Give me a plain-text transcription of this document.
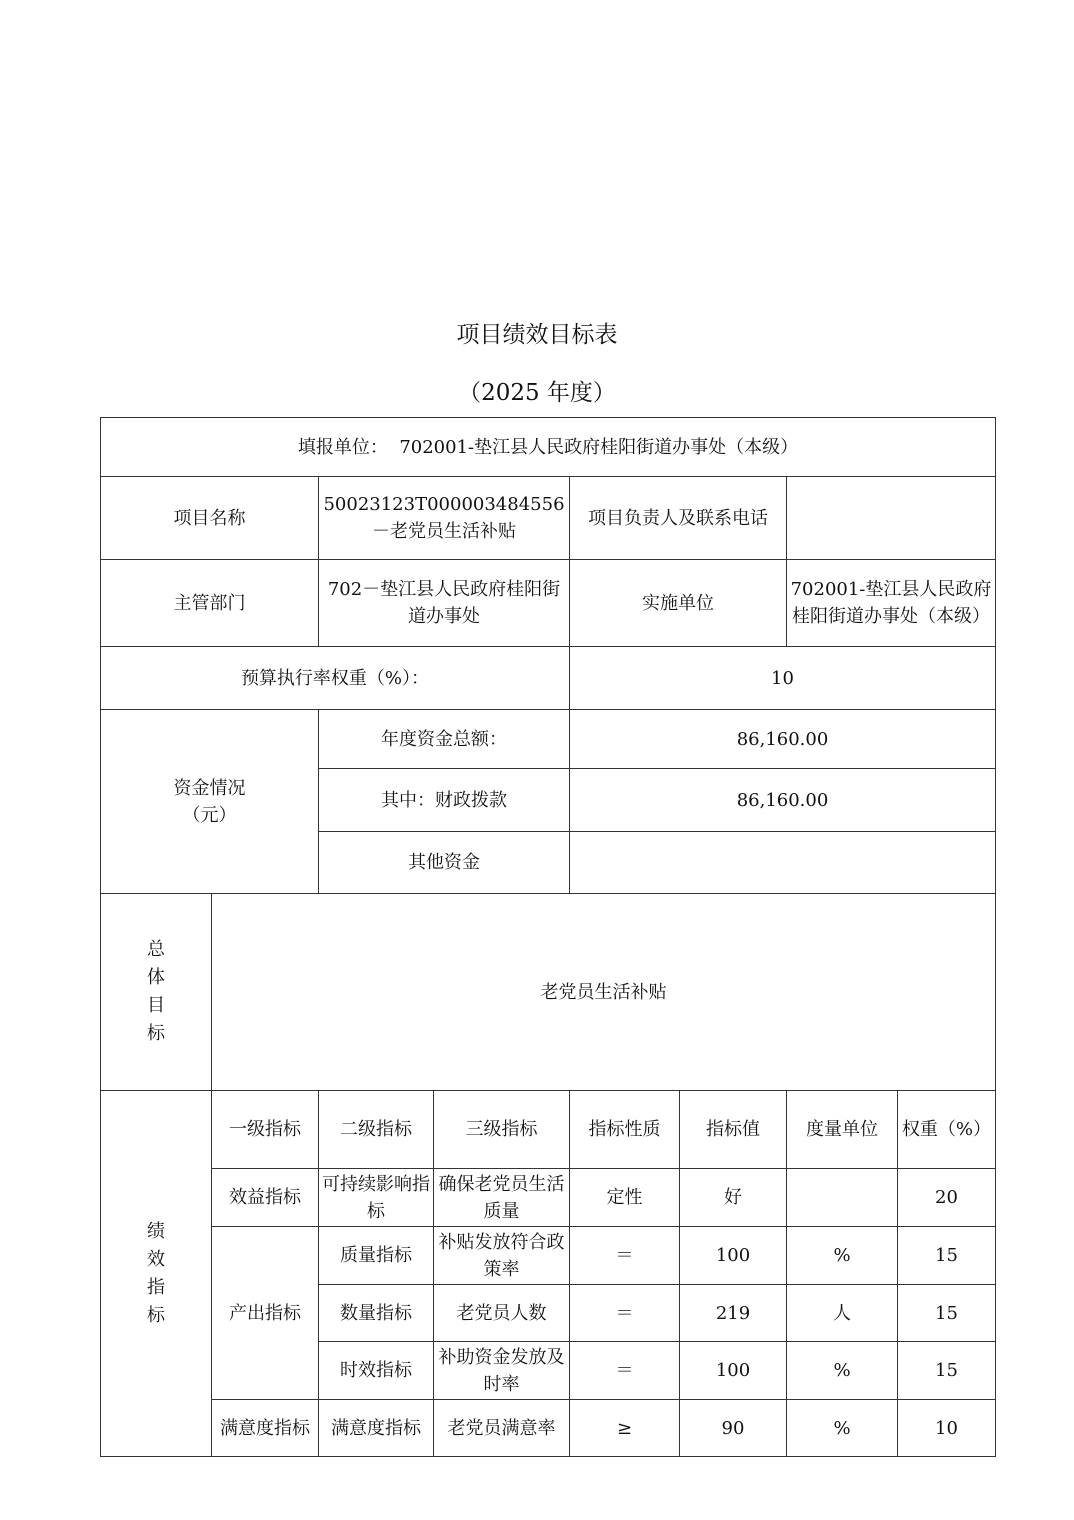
项目绩效目标表
（2025 年度）
填报单位： 702001-垫江县人民政府桂阳街道办事处（本级）							
项目名称		50023123T000003484556－老党员生活补贴		项目负责人及联系电话			
主管部门		702－垫江县人民政府桂阳街道办事处		实施单位		702001-垫江县人民政府桂阳街道办事处（本级）	
预算执行率权重（%）：				10			

资金情况（元）		年度资金总额：		86,160.00			
		其中：财政拨款		86,160.00			
		其他资金					
总体目标	老党员生活补贴						
绩效指标	一级指标	二级指标	三级指标	指标性质	指标值	度量单位	权重（%）
	效益指标	可持续影响指标	确保老党员生活质量	定性	好		20
	产出指标	质量指标	补贴发放符合政策率	＝	100	%	15
		数量指标	老党员人数	＝	219	人	15
		时效指标	补助资金发放及时率	＝	100	%	15
	满意度指标	满意度指标	老党员满意率	≥	90	%	10
